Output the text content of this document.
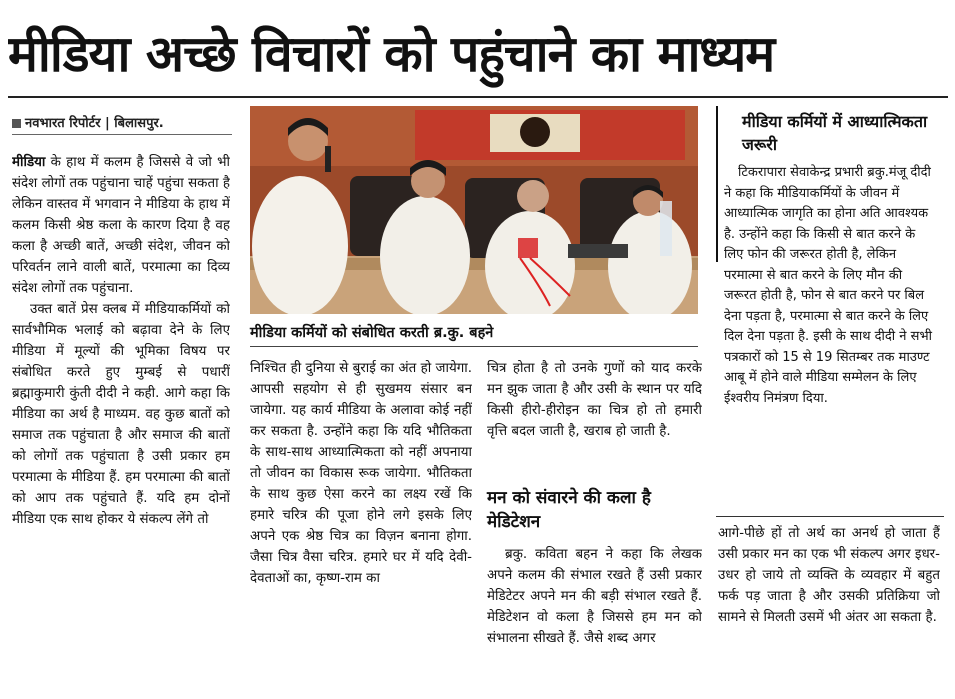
मीडिया अच्छे विचारों को पहुंचाने का माध्यम
नवभारत रिपोर्टर | बिलासपुर.

मीडिया के हाथ में कलम है जिससे वे जो भी संदेश लोगों तक पहुंचाना चाहें पहुंचा सकता है लेकिन वास्तव में भगवान ने मीडिया के हाथ में कलम किसी श्रेष्ठ कला के कारण दिया है वह कला है अच्छी बातें, अच्छी संदेश, जीवन को परिवर्तन लाने वाली बातें, परमात्मा का दिव्य संदेश लोगों तक पहुंचाना.

उक्त बातें प्रेस क्लब में मीडियाकर्मियों को सार्वभौमिक भलाई को बढ़ावा देने के लिए मीडिया में मूल्यों की भूमिका विषय पर संबोधित करते हुए मुम्बई से पधारीं ब्रह्माकुमारी कुंती दीदी ने कही. आगे कहा कि मीडिया का अर्थ है माध्यम. वह कुछ बातों को समाज तक पहुंचाता है और समाज की बातों को लोगों तक पहुंचाता है उसी प्रकार हम परमात्मा के मीडिया हैं. हम परमात्मा की बातों को आप तक पहुंचाते हैं. यदि हम दोनों मीडिया एक साथ होकर ये संकल्प लेंगे तो

मीडिया कर्मियों को संबोधित करती ब्र.कु. बहने

निश्चित ही दुनिया से बुराई का अंत हो जायेगा. आपसी सहयोग से ही सुखमय संसार बन जायेगा. यह कार्य मीडिया के अलावा कोई नहीं कर सकता है. उन्होंने कहा कि यदि भौतिकता के साथ-साथ आध्यात्मिकता को नहीं अपनाया तो जीवन का विकास रूक जायेगा. भौतिकता के साथ कुछ ऐसा करने का लक्ष्य रखें कि हमारे चरित्र की पूजा होने लगे इसके लिए अपने एक श्रेष्ठ चित्र का विज़न बनाना होगा. जैसा चित्र वैसा चरित्र. हमारे घर में यदि देवी-देवताओं का, कृष्ण-राम का

चित्र होता है तो उनके गुणों को याद करके मन झुक जाता है और उसी के स्थान पर यदि किसी हीरो-हीरोइन का चित्र हो तो हमारी वृत्ति बदल जाती है, खराब हो जाती है.

मन को संवारने की कला है मेडिटेशन

ब्रकु. कविता बहन ने कहा कि लेखक अपने कलम की संभाल रखते हैं उसी प्रकार मेडिटेटर अपने मन की बड़ी संभाल रखते हैं. मेडिटेशन वो कला है जिससे हम मन को संभालना सीखते हैं. जैसे शब्द अगर

मीडिया कर्मियों में आध्यात्मिकता जरूरी

टिकरापारा सेवाकेन्द्र प्रभारी ब्रकु.मंजू दीदी ने कहा कि मीडियाकर्मियों के जीवन में आध्यात्मिक जागृति का होना अति आवश्यक है. उन्होंने कहा कि किसी से बात करने के लिए फोन की जरूरत होती है, लेकिन परमात्मा से बात करने के लिए मौन की जरूरत होती है, फोन से बात करने पर बिल देना पड़ता है, परमात्मा से बात करने के लिए दिल देना पड़ता है. इसी के साथ दीदी ने सभी पत्रकारों को 15 से 19 सितम्बर तक माउण्ट आबू में होने वाले मीडिया सम्मेलन के लिए ईश्वरीय निमंत्रण दिया.

आगे-पीछे हों तो अर्थ का अनर्थ हो जाता हैं उसी प्रकार मन का एक भी संकल्प अगर इधर-उधर हो जाये तो व्यक्ति के व्यवहार में बहुत फर्क पड़ जाता है और उसकी प्रतिक्रिया जो सामने से मिलती उसमें भी अंतर आ सकता है.
